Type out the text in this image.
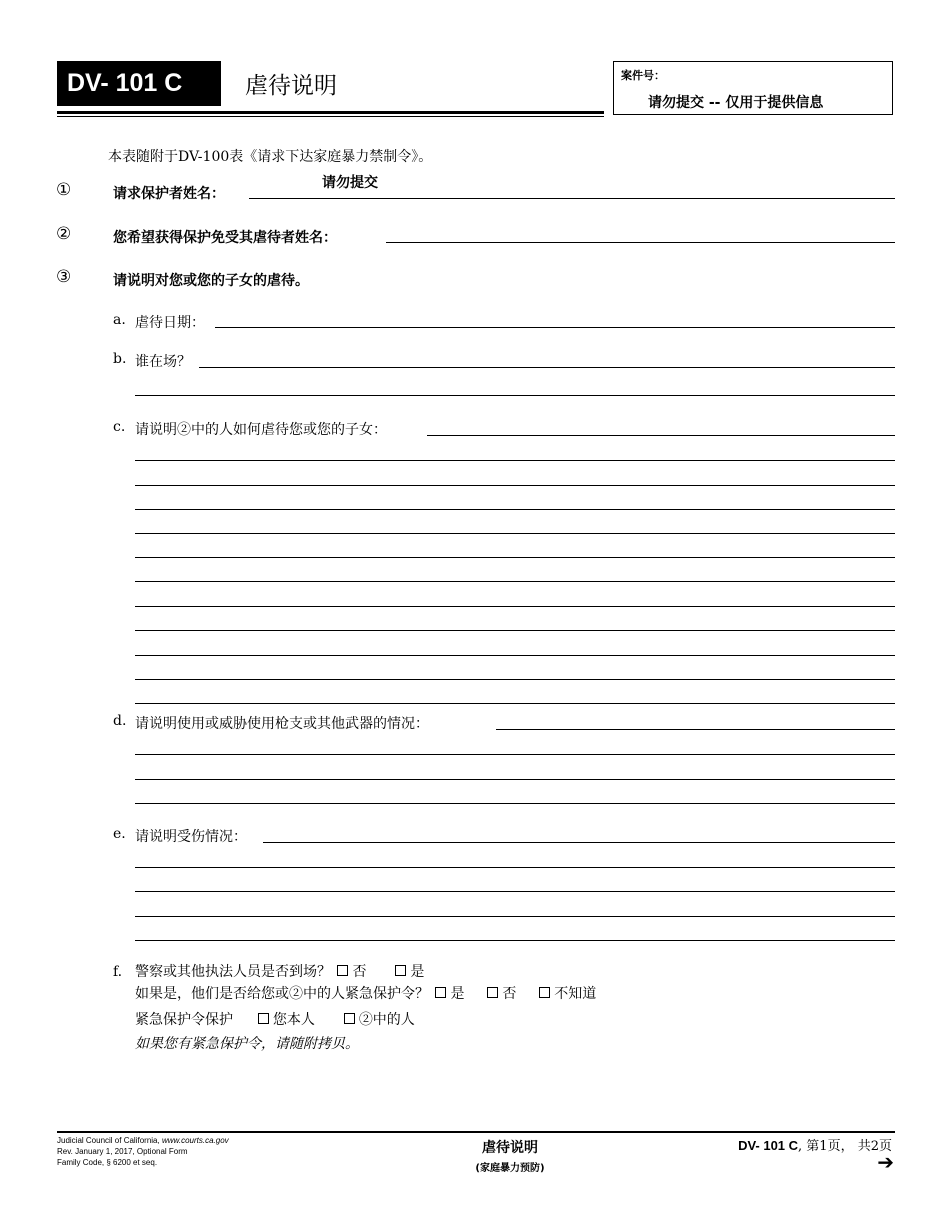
DV- 101 C	虐待说明	案件号：
请勿提交 -- 仅用于提供信息
本表随附于DV-100表《请求下达家庭暴力禁制令》。
①	请求保护者姓名：
请勿提交
②	您希望获得保护免受其虐待者姓名：
③	请说明对您或您的子女的虐待。
a. 虐待日期：
b. 谁在场？
c. 请说明②中的人如何虐待您或您的子女：
d. 请说明使用或威胁使用枪支或其他武器的情况：
e. 请说明受伤情况：
f. 警察或其他执法人员是否到场？ 否	是
如果是，他们是否给您或②中的人紧急保护令？ 是	否	不知道
紧急保护令保护	您本人	②中的人
如果您有紧急保护令，请随附拷贝。
Judicial Council of California, www.courts.ca.gov
Rev. January 1, 2017, Optional Form
Family Code, § 6200 et seq.
虐待说明
(家庭暴力预防)
DV- 101 C, 第1页， 共2页
➔
